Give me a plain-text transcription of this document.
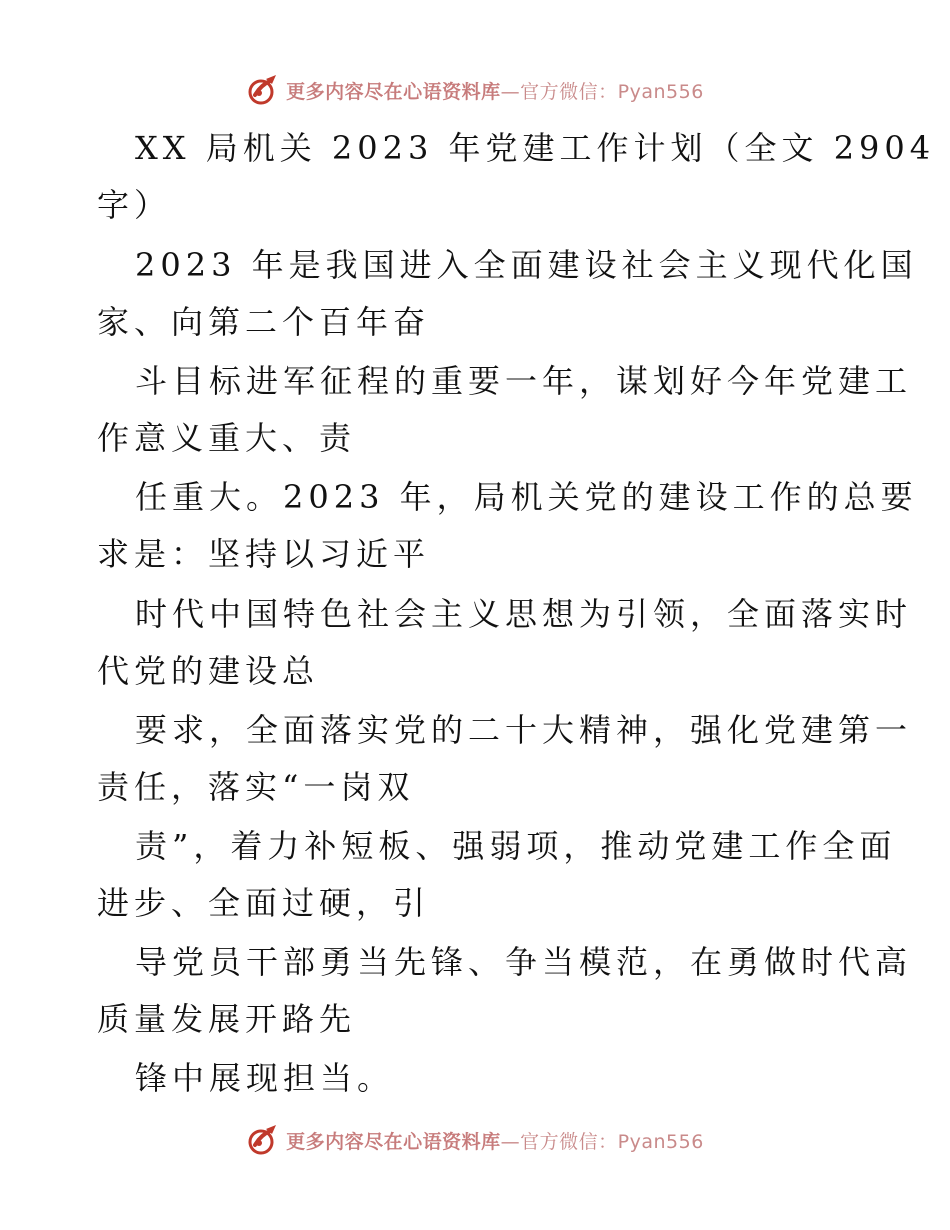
更多内容尽在心语资料库—官方微信：Pyan556
XX 局机关 2023 年党建工作计划（全文 2904
字）
2023 年是我国进入全面建设社会主义现代化国
家、向第二个百年奋
斗目标进军征程的重要一年，谋划好今年党建工
作意义重大、责
任重大。2023 年，局机关党的建设工作的总要
求是：坚持以习近平
时代中国特色社会主义思想为引领，全面落实时
代党的建设总
要求，全面落实党的二十大精神，强化党建第一
责任，落实“一岗双
责”，着力补短板、强弱项，推动党建工作全面
进步、全面过硬，引
导党员干部勇当先锋、争当模范，在勇做时代高
质量发展开路先
锋中展现担当。
更多内容尽在心语资料库—官方微信：Pyan556
